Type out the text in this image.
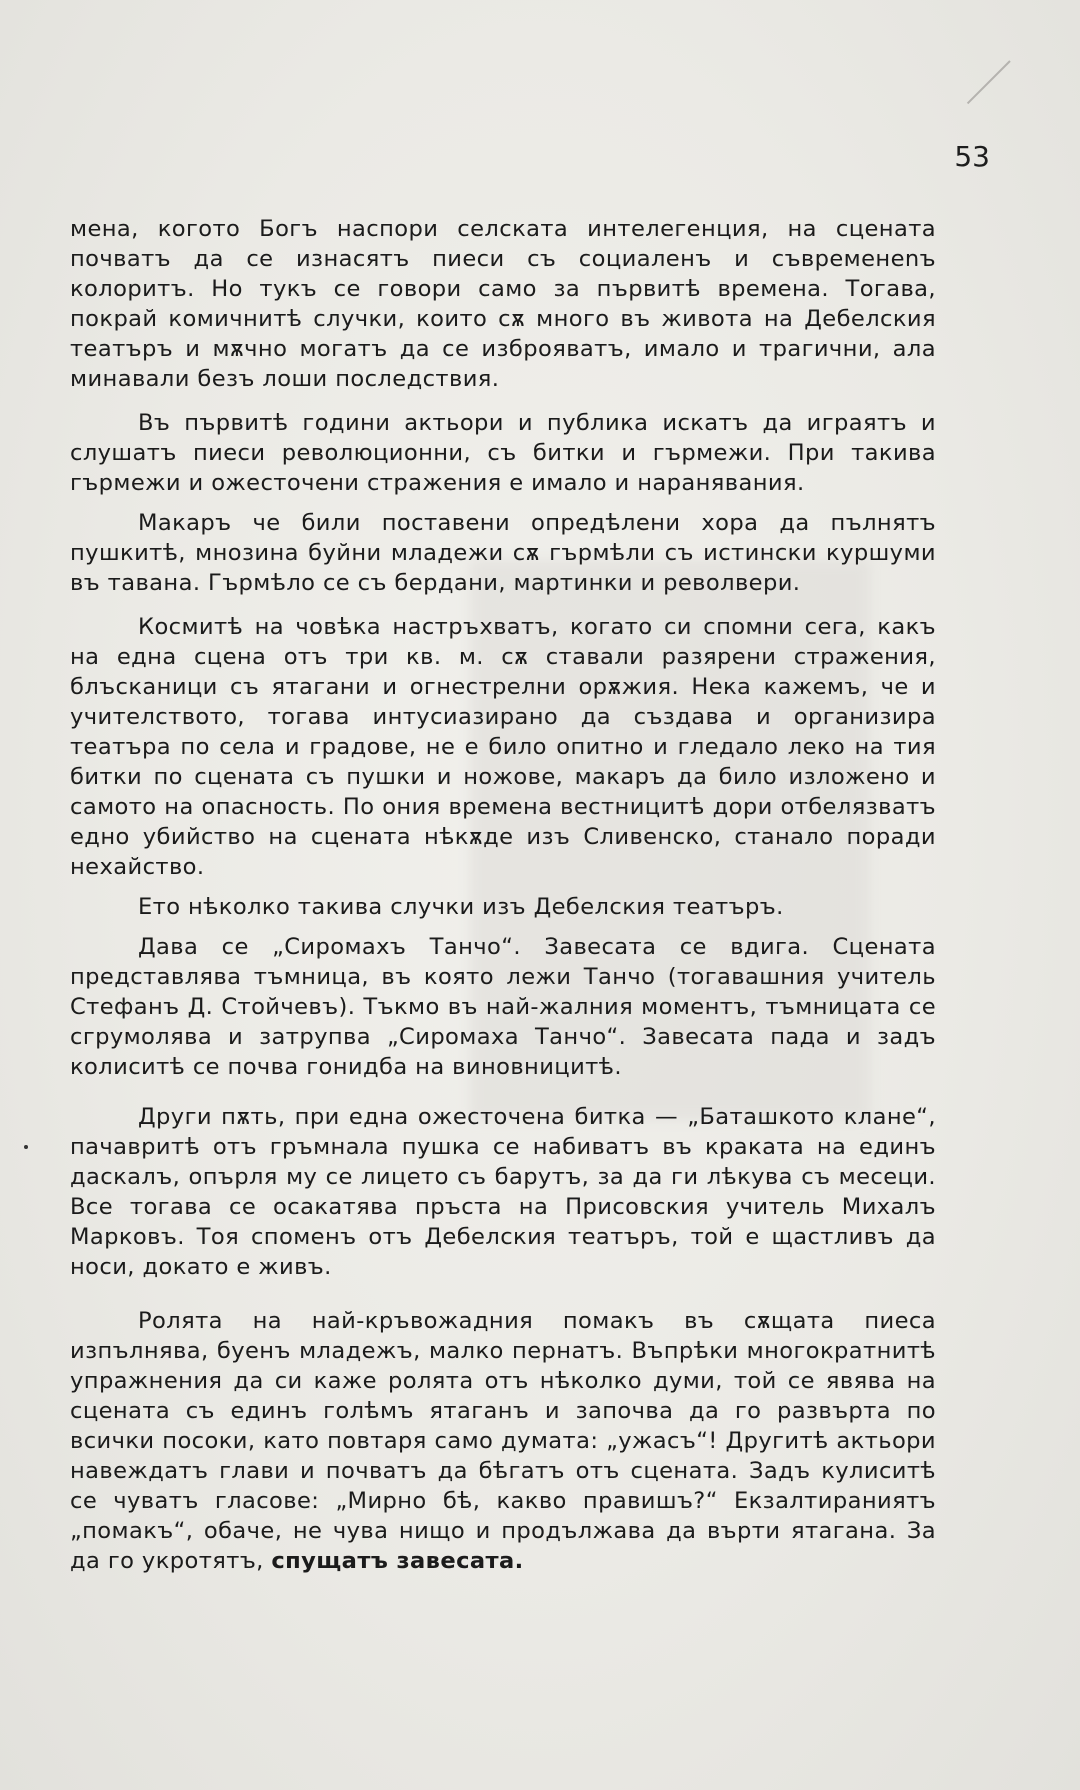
53

мена, когото Богъ наспори селската интелегенция, на сцената почватъ да се изнасятъ пиеси съ социаленъ и съвременenъ колоритъ. Но тукъ се говори само за първитѣ времена. Тогава, покрай комичнитѣ случки, които сѫ много въ живота на Дебелския театъръ и мѫчно могатъ да се изброяватъ, имало и трагични, ала минавали безъ лоши последствия.

Въ първитѣ години актьори и публика искатъ да играятъ и слушатъ пиеси революционни, съ битки и гърмежи. При такива гърмежи и ожесточени стражения е имало и наранявания.

Макаръ че били поставени опредѣлени хора да пълнятъ пушкитѣ, мнозина буйни младежи сѫ гърмѣли съ истински куршуми въ тавана. Гърмѣло се съ бердани, мартинки и револвери.

Космитѣ на човѣка настръхватъ, когато си спомни сега, какъ на една сцена отъ три кв. м. сѫ ставали разярени стражения, блъсканици съ ятагани и огнестрелни орѫжия. Нека кажемъ, че и учителството, тогава интусиазирано да създава и организира театъра по села и градове, не е било опитно и гледало леко на тия битки по сцената съ пушки и ножове, макаръ да било изложено и самото на опасность. По ония времена вестницитѣ дори отбелязватъ едно убийство на сцената нѣкѫде изъ Сливенско, станало поради нехайство.

Ето нѣколко такива случки изъ Дебелския театъръ.

Дава се „Сиромахъ Танчо“. Завесата се вдига. Сцената представлява тъмница, въ която лежи Танчо (тогавашния учитель Стефанъ Д. Стойчевъ). Тъкмо въ най-жалния моментъ, тъмницата се сгрумолява и затрупва „Сиромаха Танчо“. Завесата пада и задъ колиситѣ се почва гонидба на виновницитѣ.

Други пѫть, при една ожесточена битка — „Баташкото клане“, пачавритѣ отъ гръмнала пушка се набиватъ въ краката на единъ даскалъ, опърля му се лицето съ барутъ, за да ги лѣкува съ месеци. Все тогава се осакатява пръста на Присовския учитель Михалъ Марковъ. Тоя споменъ отъ Дебелския театъръ, той е щастливъ да носи, докато е живъ.

Ролята на най-кръвожадния помакъ въ сѫщата пиеса изпълнява, буенъ младежъ, малко пернатъ. Въпрѣки многократнитѣ упражнения да си каже ролята отъ нѣколко думи, той се явява на сцената съ единъ голѣмъ ятаганъ и започва да го развърта по всички посоки, като повтаря само думата: „ужасъ“! Другитѣ актьори навеждатъ глави и почватъ да бѣгатъ отъ сцената. Задъ кулиситѣ се чуватъ гласове: „Мирно бѣ, какво правишъ?“ Екзалтираниятъ „помакъ“, обаче, не чува нищо и продължава да върти ятагана. За да го укротятъ, спущатъ завесата.
